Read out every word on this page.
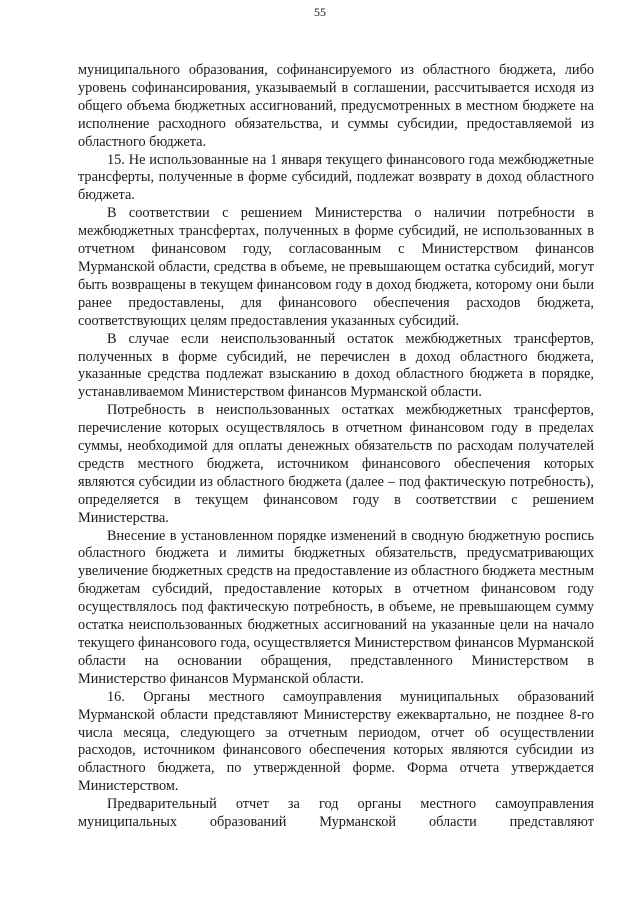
55

муниципального образования, софинансируемого из областного бюджета, либо уровень софинансирования, указываемый в соглашении, рассчитывается исходя из общего объема бюджетных ассигнований, предусмотренных в местном бюджете на исполнение расходного обязательства, и суммы субсидии, предоставляемой из областного бюджета.

15. Не использованные на 1 января текущего финансового года межбюджетные трансферты, полученные в форме субсидий, подлежат возврату в доход областного бюджета.

В соответствии с решением Министерства о наличии потребности в межбюджетных трансфертах, полученных в форме субсидий, не использованных в отчетном финансовом году, согласованным с Министерством финансов Мурманской области, средства в объеме, не превышающем остатка субсидий, могут быть возвращены в текущем финансовом году в доход бюджета, которому они были ранее предоставлены, для финансового обеспечения расходов бюджета, соответствующих целям предоставления указанных субсидий.

В случае если неиспользованный остаток межбюджетных трансфертов, полученных в форме субсидий, не перечислен в доход областного бюджета, указанные средства подлежат взысканию в доход областного бюджета в порядке, устанавливаемом Министерством финансов Мурманской области.

Потребность в неиспользованных остатках межбюджетных трансфертов, перечисление которых осуществлялось в отчетном финансовом году в пределах суммы, необходимой для оплаты денежных обязательств по расходам получателей средств местного бюджета, источником финансового обеспечения которых являются субсидии из областного бюджета (далее – под фактическую потребность), определяется в текущем финансовом году в соответствии с решением Министерства.

Внесение в установленном порядке изменений в сводную бюджетную роспись областного бюджета и лимиты бюджетных обязательств, предусматривающих увеличение бюджетных средств на предоставление из областного бюджета местным бюджетам субсидий, предоставление которых в отчетном финансовом году осуществлялось под фактическую потребность, в объеме, не превышающем сумму остатка неиспользованных бюджетных ассигнований на указанные цели на начало текущего финансового года, осуществляется Министерством финансов Мурманской области на основании обращения, представленного Министерством в Министерство финансов Мурманской области.

16. Органы местного самоуправления муниципальных образований Мурманской области представляют Министерству ежеквартально, не позднее 8-го числа месяца, следующего за отчетным периодом, отчет об осуществлении расходов, источником финансового обеспечения которых являются субсидии из областного бюджета, по утвержденной форме. Форма отчета утверждается Министерством.

Предварительный отчет за год органы местного самоуправления муниципальных образований Мурманской области представляют
